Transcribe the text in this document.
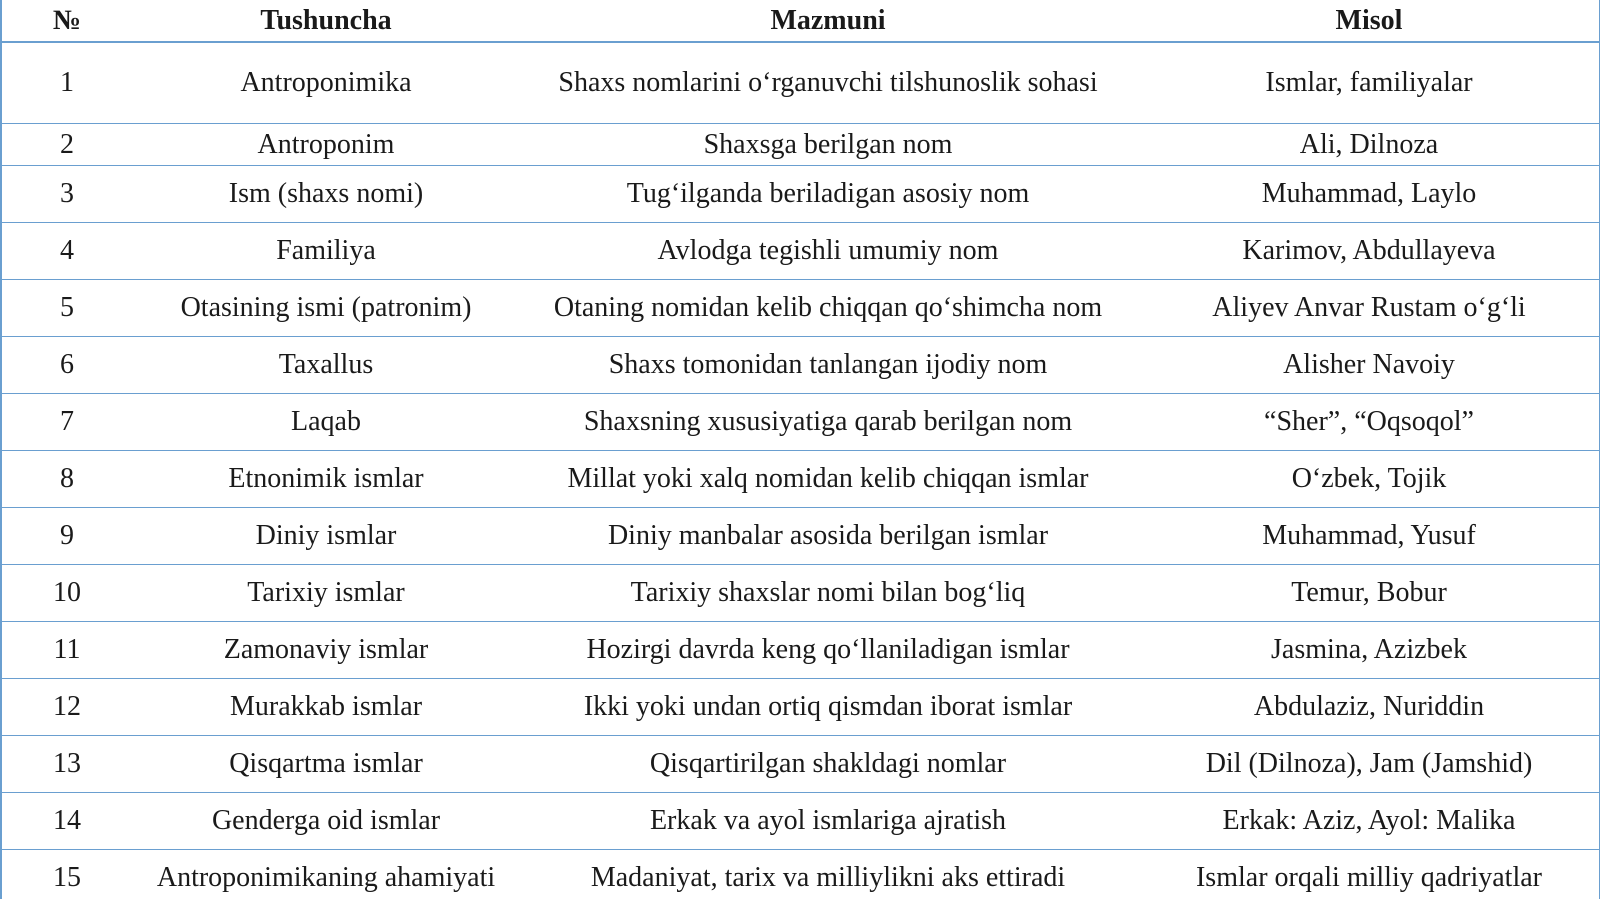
№	Tushuncha	Mazmuni	Misol
1	Antroponimika	Shaxs nomlarini o‘rganuvchi tilshunoslik sohasi	Ismlar, familiyalar
2	Antroponim	Shaxsga berilgan nom	Ali, Dilnoza
3	Ism (shaxs nomi)	Tug‘ilganda beriladigan asosiy nom	Muhammad, Laylo
4	Familiya	Avlodga tegishli umumiy nom	Karimov, Abdullayeva
5	Otasining ismi (patronim)	Otaning nomidan kelib chiqqan qo‘shimcha nom	Aliyev Anvar Rustam o‘g‘li
6	Taxallus	Shaxs tomonidan tanlangan ijodiy nom	Alisher Navoiy
7	Laqab	Shaxsning xususiyatiga qarab berilgan nom	“Sher”, “Oqsoqol”
8	Etnonimik ismlar	Millat yoki xalq nomidan kelib chiqqan ismlar	O‘zbek, Tojik
9	Diniy ismlar	Diniy manbalar asosida berilgan ismlar	Muhammad, Yusuf
10	Tarixiy ismlar	Tarixiy shaxslar nomi bilan bog‘liq	Temur, Bobur
11	Zamonaviy ismlar	Hozirgi davrda keng qo‘llaniladigan ismlar	Jasmina, Azizbek
12	Murakkab ismlar	Ikki yoki undan ortiq qismdan iborat ismlar	Abdulaziz, Nuriddin
13	Qisqartma ismlar	Qisqartirilgan shakldagi nomlar	Dil (Dilnoza), Jam (Jamshid)
14	Genderga oid ismlar	Erkak va ayol ismlariga ajratish	Erkak: Aziz, Ayol: Malika
15	Antroponimikaning ahamiyati	Madaniyat, tarix va milliylikni aks ettiradi	Ismlar orqali milliy qadriyatlar
